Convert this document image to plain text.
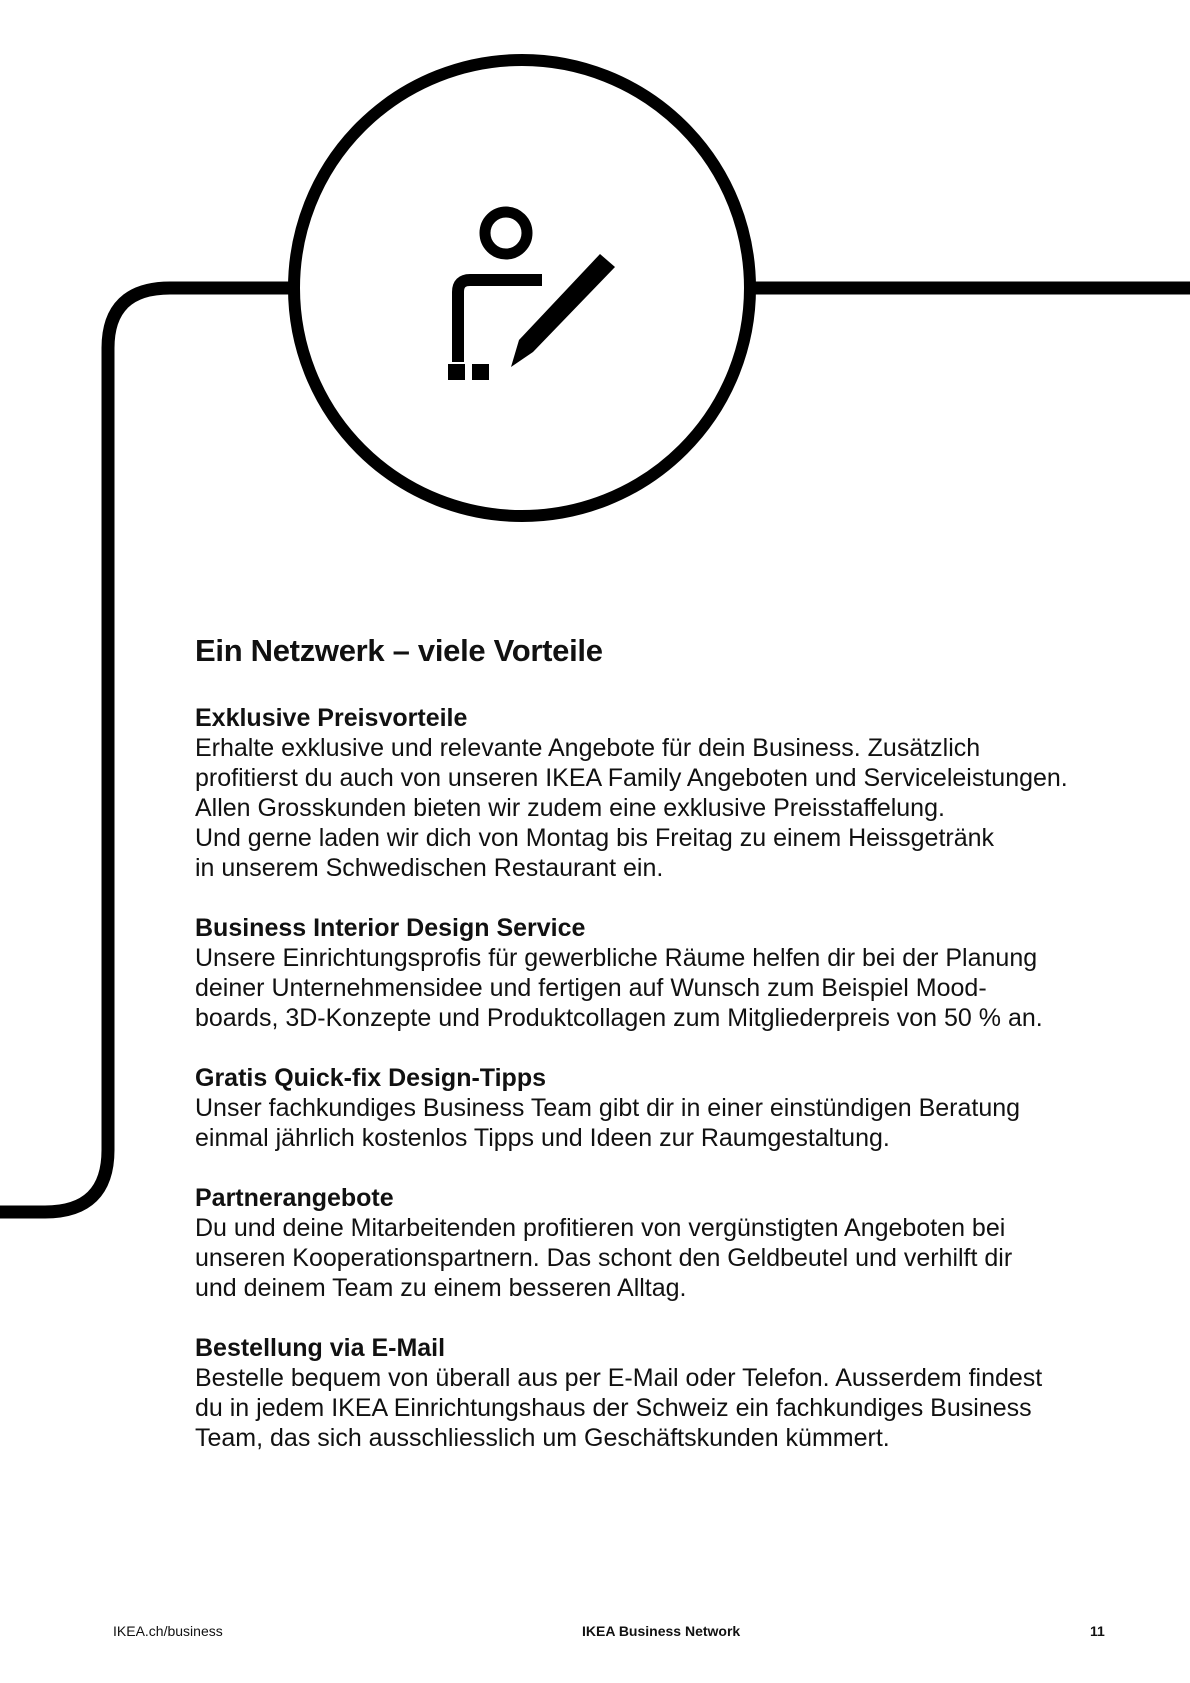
Ein Netzwerk – viele Vorteile

Exklusive Preisvorteile

Erhalte exklusive und relevante Angebote für dein Business. Zusätzlich
profitierst du auch von unseren IKEA Family Angeboten und Serviceleistungen.
Allen Grosskunden bieten wir zudem eine exklusive Preisstaffelung.
Und gerne laden wir dich von Montag bis Freitag zu einem Heissgetränk
in unserem Schwedischen Restaurant ein.

Business Interior Design Service

Unsere Einrichtungsprofis für gewerbliche Räume helfen dir bei der Planung
deiner Unternehmensidee und fertigen auf Wunsch zum Beispiel Mood-
boards, 3D-Konzepte und Produktcollagen zum Mitgliederpreis von 50 % an.

Gratis Quick-fix Design-Tipps

Unser fachkundiges Business Team gibt dir in einer einstündigen Beratung
einmal jährlich kostenlos Tipps und Ideen zur Raumgestaltung.

Partnerangebote

Du und deine Mitarbeitenden profitieren von vergünstigten Angeboten bei
unseren Kooperationspartnern. Das schont den Geldbeutel und verhilft dir
und deinem Team zu einem besseren Alltag.

Bestellung via E-Mail

Bestelle bequem von überall aus per E-Mail oder Telefon. Ausserdem findest
du in jedem IKEA Einrichtungshaus der Schweiz ein fachkundiges Business
Team, das sich ausschliesslich um Geschäftskunden kümmert.

IKEA.ch/business	IKEA Business Network	11
